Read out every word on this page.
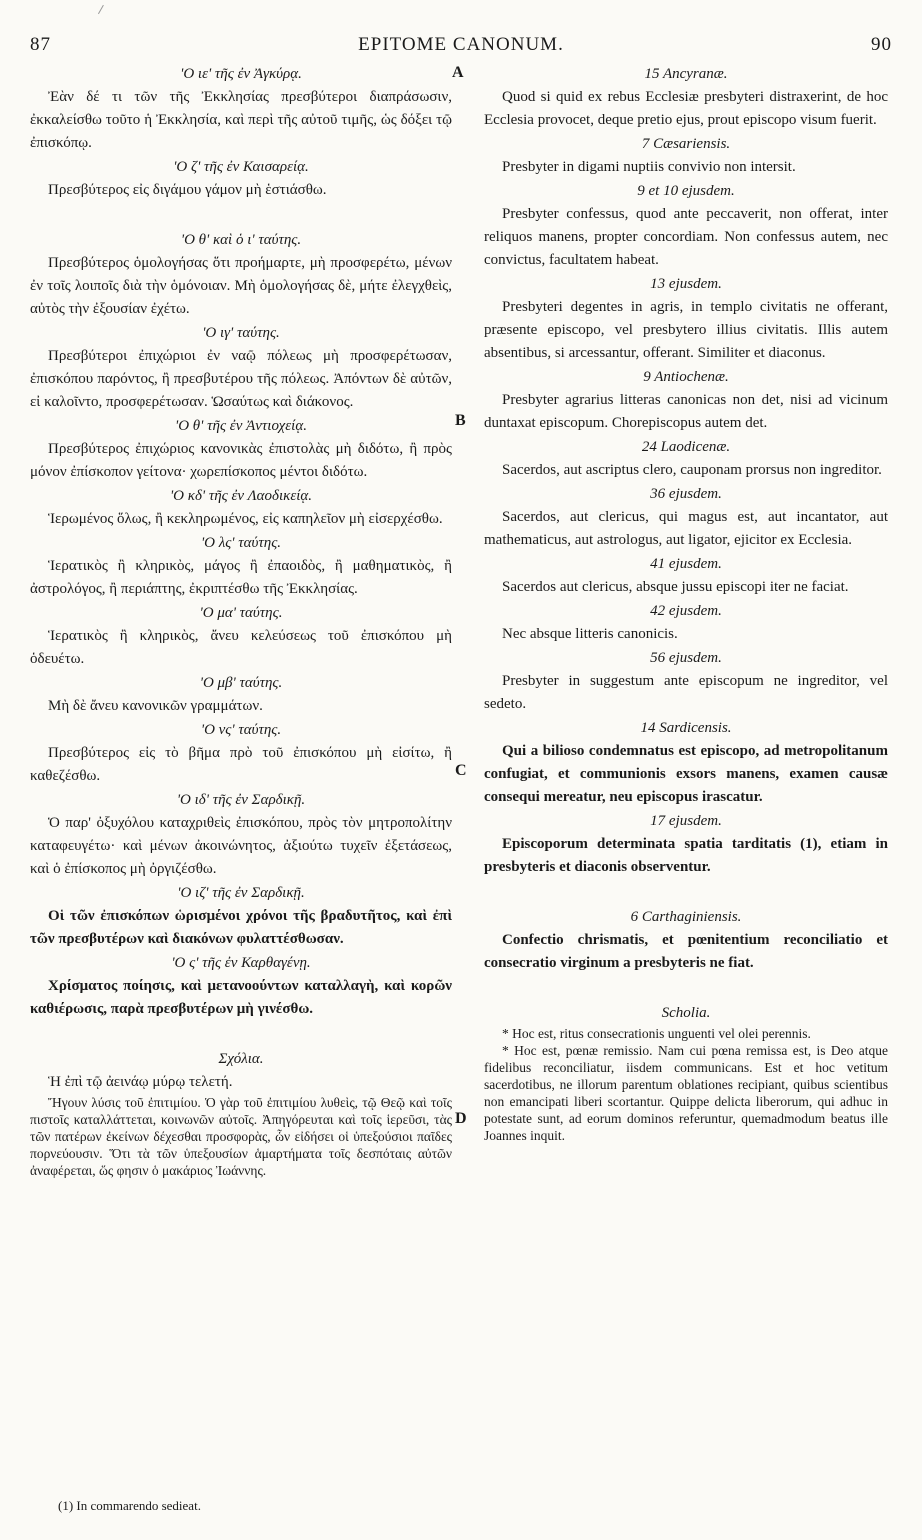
87	EPITOME CANONUM.	90
'Ο ιε' τῆς ἐν Ἀγκύρᾳ.

Ἐὰν δέ τι τῶν τῆς Ἐκκλησίας πρεσβύτεροι διαπράσωσιν, ἐκκαλείσθω τοῦτο ἡ Ἐκκλησία, καὶ περὶ τῆς αὐτοῦ τιμῆς, ὡς δόξει τῷ ἐπισκόπῳ.

'Ο ζ' τῆς ἐν Καισαρείᾳ.

Πρεσβύτερος εἰς διγάμου γάμον μὴ ἑστιάσθω.

'Ο θ' καὶ ὁ ι' ταύτης.

Πρεσβύτερος ὁμολογήσας ὅτι προήμαρτε, μὴ προσφερέτω, μένων ἐν τοῖς λοιποῖς διὰ τὴν ὁμόνοιαν. Μὴ ὁμολογήσας δὲ, μήτε ἐλεγχθεὶς, αὐτὸς τὴν ἐξουσίαν ἐχέτω.

'Ο ιγ' ταύτης.

Πρεσβύτεροι ἐπιχώριοι ἐν ναῷ πόλεως μὴ προσφερέτωσαν, ἐπισκόπου παρόντος, ἢ πρεσβυτέρου τῆς πόλεως. Ἀπόντων δὲ αὐτῶν, εἰ καλοῖντο, προσφερέτωσαν. Ὡσαύτως καὶ διάκονος.

'Ο θ' τῆς ἐν Ἀντιοχείᾳ.

Πρεσβύτερος ἐπιχώριος κανονικὰς ἐπιστολὰς μὴ διδότω, ἢ πρὸς μόνον ἐπίσκοπον γείτονα· χωρεπίσκοπος μέντοι διδότω.

'Ο κδ' τῆς ἐν Λαοδικείᾳ.

Ἱερωμένος ὅλως, ἢ κεκληρωμένος, εἰς καπηλεῖον μὴ εἰσερχέσθω.

'Ο λς' ταύτης.

Ἱερατικὸς ἢ κληρικὸς, μάγος ἢ ἐπαοιδὸς, ἢ μαθηματικὸς, ἢ ἀστρολόγος, ἢ περιάπτης, ἐκριπτέσθω τῆς Ἐκκλησίας.

'Ο μα' ταύτης.

Ἱερατικὸς ἢ κληρικὸς, ἄνευ κελεύσεως τοῦ ἐπισκόπου μὴ ὁδευέτω.

'Ο μβ' ταύτης.

Μὴ δὲ ἄνευ κανονικῶν γραμμάτων.

'Ο νς' ταύτης.

Πρεσβύτερος εἰς τὸ βῆμα πρὸ τοῦ ἐπισκόπου μὴ εἰσίτω, ἢ καθεζέσθω.

'Ο ιδ' τῆς ἐν Σαρδικῇ.

Ὁ παρ' ὀξυχόλου καταχριθεὶς ἐπισκόπου, πρὸς τὸν μητροπολίτην καταφευγέτω· καὶ μένων ἀκοινώνητος, ἀξιούτω τυχεῖν ἐξετάσεως, καὶ ὁ ἐπίσκοπος μὴ ὀργιζέσθω.

'Ο ιζ' τῆς ἐν Σαρδικῇ.

Οἱ τῶν ἐπισκόπων ὡρισμένοι χρόνοι τῆς βραδυτῆτος, καὶ ἐπὶ τῶν πρεσβυτέρων καὶ διακόνων φυλαττέσθωσαν.

'Ο ς' τῆς ἐν Καρθαγένῃ.

Χρίσματος ποίησις, καὶ μετανοούντων καταλλαγὴ, καὶ κορῶν καθιέρωσις, παρὰ πρεσβυτέρων μὴ γινέσθω.

Σχόλια.

Ἡ ἐπὶ τῷ ἀεινάῳ μύρῳ τελετή.

Ἤγουν λύσις τοῦ ἐπιτιμίου. Ὁ γὰρ τοῦ ἐπιτιμίου λυθεὶς, τῷ Θεῷ καὶ τοῖς πιστοῖς καταλλάττεται, κοινωνῶν αὐτοῖς. Ἀπηγόρευται καὶ τοῖς ἱερεῦσι, τὰς τῶν πατέρων ἐκείνων δέχεσθαι προσφορὰς, ὧν εἰδήσει οἱ ὑπεξούσιοι παῖδες πορνεύουσιν. Ὅτι τὰ τῶν ὑπεξουσίων ἁμαρτήματα τοῖς δεσπόταις αὐτῶν ἀναφέρεται, ὥς φησιν ὁ μακάριος Ἰωάννης.

15 Ancyranæ.

Quod si quid ex rebus Ecclesiæ presbyteri distraxerint, de hoc Ecclesia provocet, deque pretio ejus, prout episcopo visum fuerit.

7 Cæsariensis.

Presbyter in digami nuptiis convivio non intersit.

9 et 10 ejusdem.

Presbyter confessus, quod ante peccaverit, non offerat, inter reliquos manens, propter concordiam. Non confessus autem, nec convictus, facultatem habeat.

13 ejusdem.

Presbyteri degentes in agris, in templo civitatis ne offerant, præsente episcopo, vel presbytero illius civitatis. Illis autem absentibus, si arcessantur, offerant. Similiter et diaconus.

9 Antiochenæ.

Presbyter agrarius litteras canonicas non det, nisi ad vicinum duntaxat episcopum. Chorepiscopus autem det.

24 Laodicenæ.

Sacerdos, aut ascriptus clero, cauponam prorsus non ingreditor.

36 ejusdem.

Sacerdos, aut clericus, qui magus est, aut incantator, aut mathematicus, aut astrologus, aut ligator, ejicitor ex Ecclesia.

41 ejusdem.

Sacerdos aut clericus, absque jussu episcopi iter ne faciat.

42 ejusdem.

Nec absque litteris canonicis.

56 ejusdem.

Presbyter in suggestum ante episcopum ne ingreditor, vel sedeto.

14 Sardicensis.

Qui a bilioso condemnatus est episcopo, ad metropolitanum confugiat, et communionis exsors manens, examen causæ consequi mereatur, neu episcopus irascatur.

17 ejusdem.

Episcoporum determinata spatia tarditatis (1), etiam in presbyteris et diaconis observentur.

6 Carthaginiensis.

Confectio chrismatis, et pœnitentium reconciliatio et consecratio virginum a presbyteris ne fiat.

Scholia.

* Hoc est, ritus consecrationis unguenti vel olei perennis.

* Hoc est, pœnæ remissio. Nam cui pœna remissa est, is Deo atque fidelibus reconciliatur, iisdem communicans. Est et hoc vetitum sacerdotibus, ne illorum parentum oblationes recipiant, quibus scientibus non emancipati liberi scortantur. Quippe delicta liberorum, qui adhuc in potestate sunt, ad eorum dominos referuntur, quemadmodum beatus ille Joannes inquit.

A
B
C
D
(1) In commarendo sedieat.
